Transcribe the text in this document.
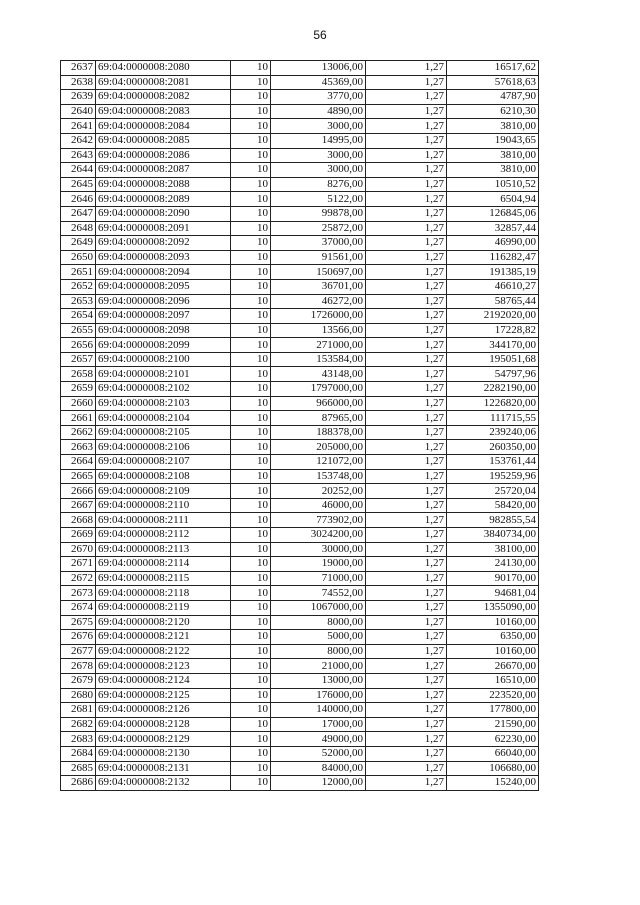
56
2637	69:04:0000008:2080	10	13006,00	1,27	16517,62
2638	69:04:0000008:2081	10	45369,00	1,27	57618,63
2639	69:04:0000008:2082	10	3770,00	1,27	4787,90
2640	69:04:0000008:2083	10	4890,00	1,27	6210,30
2641	69:04:0000008:2084	10	3000,00	1,27	3810,00
2642	69:04:0000008:2085	10	14995,00	1,27	19043,65
2643	69:04:0000008:2086	10	3000,00	1,27	3810,00
2644	69:04:0000008:2087	10	3000,00	1,27	3810,00
2645	69:04:0000008:2088	10	8276,00	1,27	10510,52
2646	69:04:0000008:2089	10	5122,00	1,27	6504,94
2647	69:04:0000008:2090	10	99878,00	1,27	126845,06
2648	69:04:0000008:2091	10	25872,00	1,27	32857,44
2649	69:04:0000008:2092	10	37000,00	1,27	46990,00
2650	69:04:0000008:2093	10	91561,00	1,27	116282,47
2651	69:04:0000008:2094	10	150697,00	1,27	191385,19
2652	69:04:0000008:2095	10	36701,00	1,27	46610,27
2653	69:04:0000008:2096	10	46272,00	1,27	58765,44
2654	69:04:0000008:2097	10	1726000,00	1,27	2192020,00
2655	69:04:0000008:2098	10	13566,00	1,27	17228,82
2656	69:04:0000008:2099	10	271000,00	1,27	344170,00
2657	69:04:0000008:2100	10	153584,00	1,27	195051,68
2658	69:04:0000008:2101	10	43148,00	1,27	54797,96
2659	69:04:0000008:2102	10	1797000,00	1,27	2282190,00
2660	69:04:0000008:2103	10	966000,00	1,27	1226820,00
2661	69:04:0000008:2104	10	87965,00	1,27	111715,55
2662	69:04:0000008:2105	10	188378,00	1,27	239240,06
2663	69:04:0000008:2106	10	205000,00	1,27	260350,00
2664	69:04:0000008:2107	10	121072,00	1,27	153761,44
2665	69:04:0000008:2108	10	153748,00	1,27	195259,96
2666	69:04:0000008:2109	10	20252,00	1,27	25720,04
2667	69:04:0000008:2110	10	46000,00	1,27	58420,00
2668	69:04:0000008:2111	10	773902,00	1,27	982855,54
2669	69:04:0000008:2112	10	3024200,00	1,27	3840734,00
2670	69:04:0000008:2113	10	30000,00	1,27	38100,00
2671	69:04:0000008:2114	10	19000,00	1,27	24130,00
2672	69:04:0000008:2115	10	71000,00	1,27	90170,00
2673	69:04:0000008:2118	10	74552,00	1,27	94681,04
2674	69:04:0000008:2119	10	1067000,00	1,27	1355090,00
2675	69:04:0000008:2120	10	8000,00	1,27	10160,00
2676	69:04:0000008:2121	10	5000,00	1,27	6350,00
2677	69:04:0000008:2122	10	8000,00	1,27	10160,00
2678	69:04:0000008:2123	10	21000,00	1,27	26670,00
2679	69:04:0000008:2124	10	13000,00	1,27	16510,00
2680	69:04:0000008:2125	10	176000,00	1,27	223520,00
2681	69:04:0000008:2126	10	140000,00	1,27	177800,00
2682	69:04:0000008:2128	10	17000,00	1,27	21590,00
2683	69:04:0000008:2129	10	49000,00	1,27	62230,00
2684	69:04:0000008:2130	10	52000,00	1,27	66040,00
2685	69:04:0000008:2131	10	84000,00	1,27	106680,00
2686	69:04:0000008:2132	10	12000,00	1,27	15240,00
